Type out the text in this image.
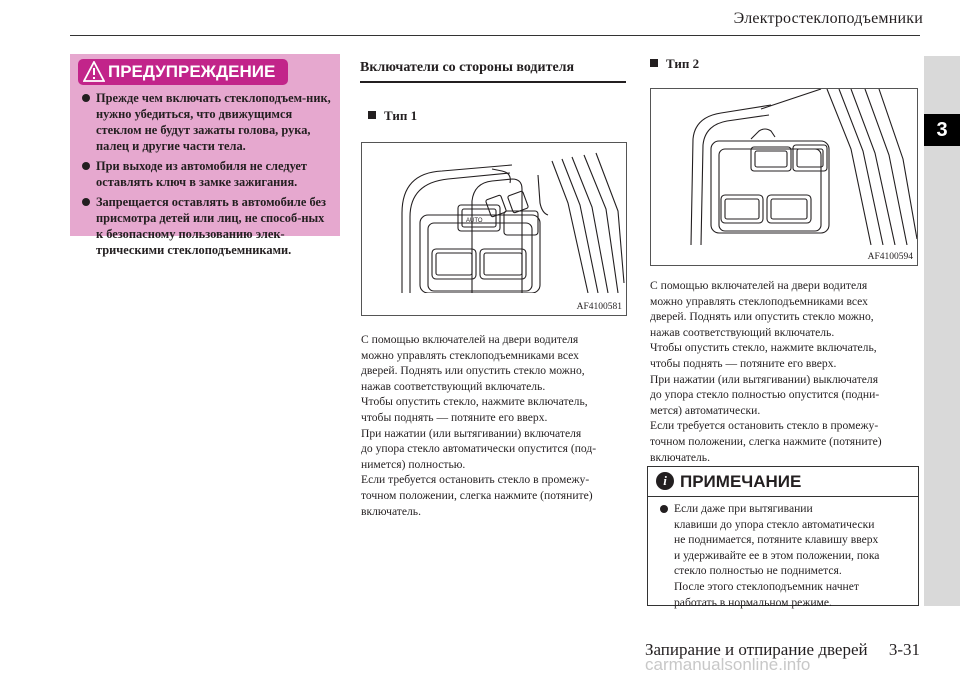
Электростеклоподъемники
3
ПРЕДУПРЕЖДЕНИЕ
Прежде чем включать стеклоподъем-ник, нужно убедиться, что движущимся стеклом не будут зажаты голова, рука, палец и другие части тела.
При выходе из автомобиля не следует оставлять ключ в замке зажигания.
Запрещается оставлять в автомобиле без присмотра детей или лиц, не способ-ных к безопасному пользованию элек-трическими стеклоподъемниками.
Включатели со стороны водителя
Тип 1
AUTO
AF4100581
С помощью включателей на двери водителя
можно управлять стеклоподъемниками всех
дверей. Поднять или опустить стекло можно,
нажав соответствующий включатель.
Чтобы опустить стекло, нажмите включатель,
чтобы поднять — потяните его вверх.
При нажатии (или вытягивании) включателя
до упора стекло автоматически опустится (под-
нимется) полностью.
Если требуется остановить стекло в промежу-
точном положении, слегка нажмите (потяните)
включатель.
Тип 2
AF4100594
С помощью включателей на двери водителя
можно управлять стеклоподъемниками всех
дверей. Поднять или опустить стекло можно,
нажав соответствующий включатель.
Чтобы опустить стекло, нажмите включатель,
чтобы поднять — потяните его вверх.
При нажатии (или вытягивании) выключателя
до упора стекло полностью опустится (подни-
мется) автоматически.
Если требуется остановить стекло в промежу-
точном положении, слегка нажмите (потяните)
включатель.
i ПРИМЕЧАНИЕ
Если даже при вытягивании
клавиши до упора стекло автоматически
не поднимается, потяните клавишу вверх
и удерживайте ее в этом положении, пока
стекло полностью не поднимется.
После этого стеклоподъемник начнет
работать в нормальном режиме.
Запирание и отпирание дверей     3-31
carmanualsonline.info
